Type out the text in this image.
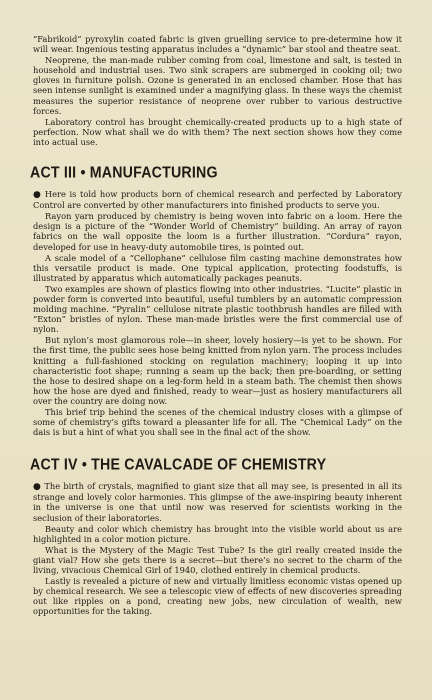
“Fabrikoid” pyroxylin coated fabric is given gruelling service to pre-determine how it will wear. Ingenious testing apparatus includes a “dynamic” bar stool and theatre seat.

Neoprene, the man-made rubber coming from coal, limestone and salt, is tested in household and industrial uses. Two sink scrapers are submerged in cooking oil; two gloves in furniture polish. Ozone is generated in an enclosed chamber. Hose that has seen intense sunlight is examined under a magnifying glass. In these ways the chemist measures the superior resistance of neoprene over rubber to various destructive forces.

Laboratory control has brought chemically-created products up to a high state of perfection. Now what shall we do with them? The next section shows how they come into actual use.

ACT III • MANUFACTURING

● Here is told how products born of chemical research and perfected by Laboratory Control are converted by other manufacturers into finished products to serve you.

Rayon yarn produced by chemistry is being woven into fabric on a loom. Here the design is a picture of the “Wonder World of Chemistry” building. An array of rayon fabrics on the wall opposite the loom is a further illustration. “Cordura” rayon, developed for use in heavy-duty automobile tires, is pointed out.

A scale model of a “Cellophane” cellulose film casting machine demonstrates how this versatile product is made. One typical application, protecting foodstuffs, is illustrated by apparatus which automatically packages peanuts.

Two examples are shown of plastics flowing into other industries. “Lucite” plastic in powder form is converted into beautiful, useful tumblers by an automatic compression molding machine. “Pyralin” cellulose nitrate plastic toothbrush handles are filled with “Exton” bristles of nylon. These man-made bristles were the first commercial use of nylon.

But nylon’s most glamorous role—in sheer, lovely hosiery—is yet to be shown. For the first time, the public sees hose being knitted from nylon yarn. The process includes knitting a full-fashioned stocking on regulation machinery; looping it up into characteristic foot shape; running a seam up the back; then pre-boarding, or setting the hose to desired shape on a leg-form held in a steam bath. The chemist then shows how the hose are dyed and finished, ready to wear—just as hosiery manufacturers all over the country are doing now.

This brief trip behind the scenes of the chemical industry closes with a glimpse of some of chemistry’s gifts toward a pleasanter life for all. The “Chemical Lady” on the dais is but a hint of what you shall see in the final act of the show.

ACT IV • THE CAVALCADE OF CHEMISTRY

● The birth of crystals, magnified to giant size that all may see, is presented in all its strange and lovely color harmonies. This glimpse of the awe-inspiring beauty inherent in the universe is one that until now was reserved for scientists working in the seclusion of their laboratories.

Beauty and color which chemistry has brought into the visible world about us are highlighted in a color motion picture.

What is the Mystery of the Magic Test Tube? Is the girl really created inside the giant vial? How she gets there is a secret—but there’s no secret to the charm of the living, vivacious Chemical Girl of 1940, clothed entirely in chemical products.

Lastly is revealed a picture of new and virtually limitless economic vistas opened up by chemical research. We see a telescopic view of effects of new discoveries spreading out like ripples on a pond, creating new jobs, new circulation of wealth, new opportunities for the taking.
